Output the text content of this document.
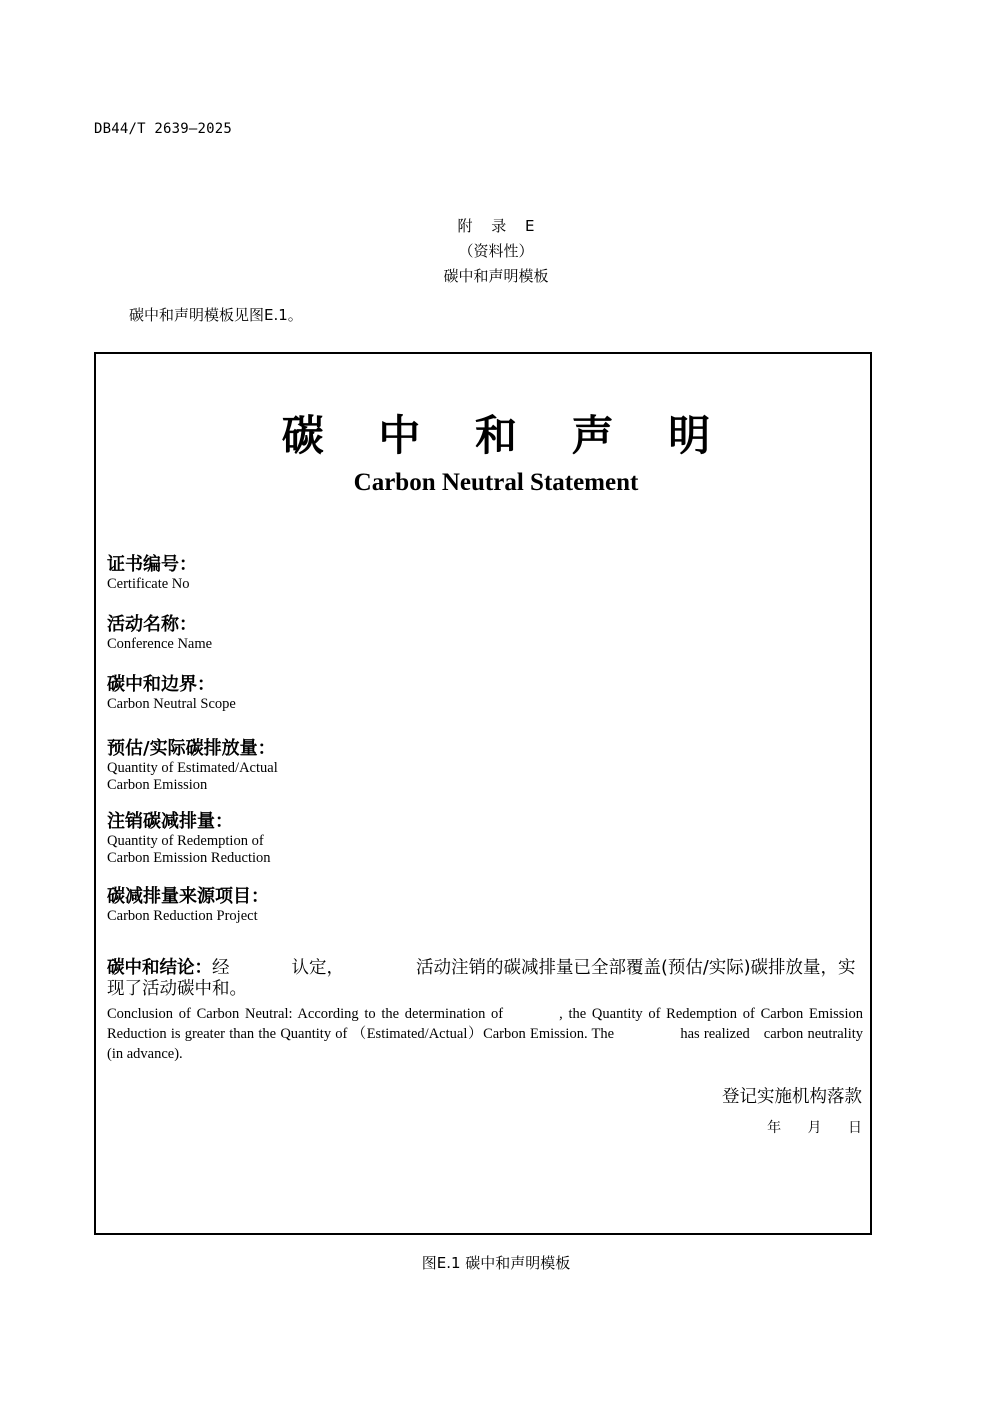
DB44/T 2639—2025
附 录 E
（资料性）
碳中和声明模板
碳中和声明模板见图E.1。
碳 中 和 声 明
Carbon Neutral Statement
证书编号：
Certificate No
活动名称：
Conference Name
碳中和边界：
Carbon Neutral Scope
预估/实际碳排放量：
Quantity of Estimated/Actual
Carbon Emission
注销碳减排量：
Quantity of Redemption of
Carbon Emission Reduction
碳减排量来源项目：
Carbon Reduction Project
碳中和结论：经	认定，	活动注销的碳减排量已全部覆盖(预估/实际)碳排放量，实现了活动碳中和。
Conclusion of Carbon Neutral: According to the determination of	, the Quantity of Redemption of Carbon Emission Reduction is greater than the Quantity of （Estimated/Actual）Carbon Emission. The	has realized carbon neutrality (in advance).
登记实施机构落款
年 月 日
图E.1 碳中和声明模板
